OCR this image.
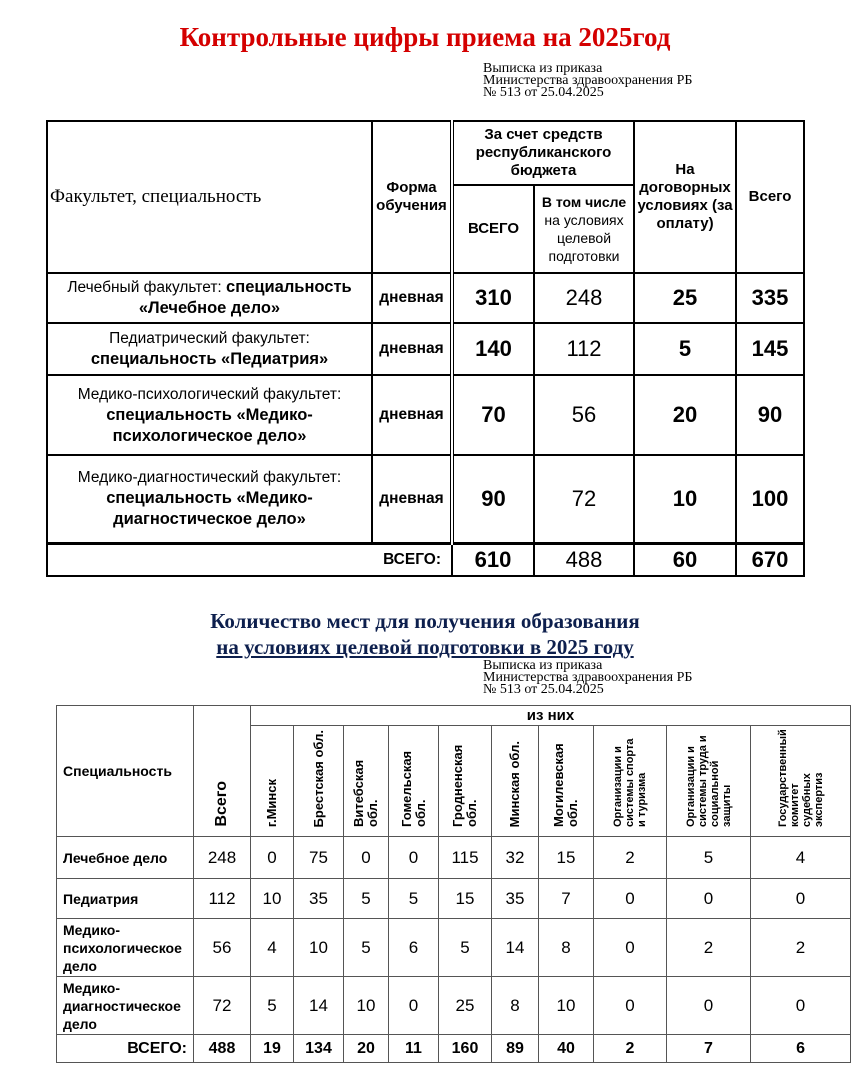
Контрольные цифры приема на 2025год
Выписка из приказа
Министерства здравоохранения РБ
№ 513 от 25.04.2025
Факультет, специальность	Форма обучения	За счет средств республиканского бюджета		На договорных условиях (за оплату)	Всего
		ВСЕГО	В том числе
на условиях целевой подготовки		
Лечебный факультет: специальность «Лечебное дело»	дневная	310	248	25	335
Педиатрический факультет: специальность «Педиатрия»	дневная	140	112	5	145
Медико-психологический факультет: специальность «Медико-психологическое дело»	дневная	70	56	20	90
Медико-диагностический факультет: специальность «Медико-диагностическое дело»	дневная	90	72	10	100
ВСЕГО:		610	488	60	670
Количество мест для получения образования
на условиях целевой подготовки в 2025 году
Выписка из приказа
Министерства здравоохранения РБ
№ 513 от 25.04.2025
Специальность	Всего	из них									
		г.Минск	Брестская обл.	Витебская обл.	Гомельская обл.	Гродненская обл.	Минская обл.	Могилевская обл.	Организации и системы спорта и туризма	Организации и системы труда и социальной защиты	Государственный комитет судебных экспертиз
Лечебное дело	248	0	75	0	0	115	32	15	2	5	4
Педиатрия	112	10	35	5	5	15	35	7	0	0	0
Медико-психологическое дело	56	4	10	5	6	5	14	8	0	2	2
Медико-диагностическое дело	72	5	14	10	0	25	8	10	0	0	0
ВСЕГО:	488	19	134	20	11	160	89	40	2	7	6
